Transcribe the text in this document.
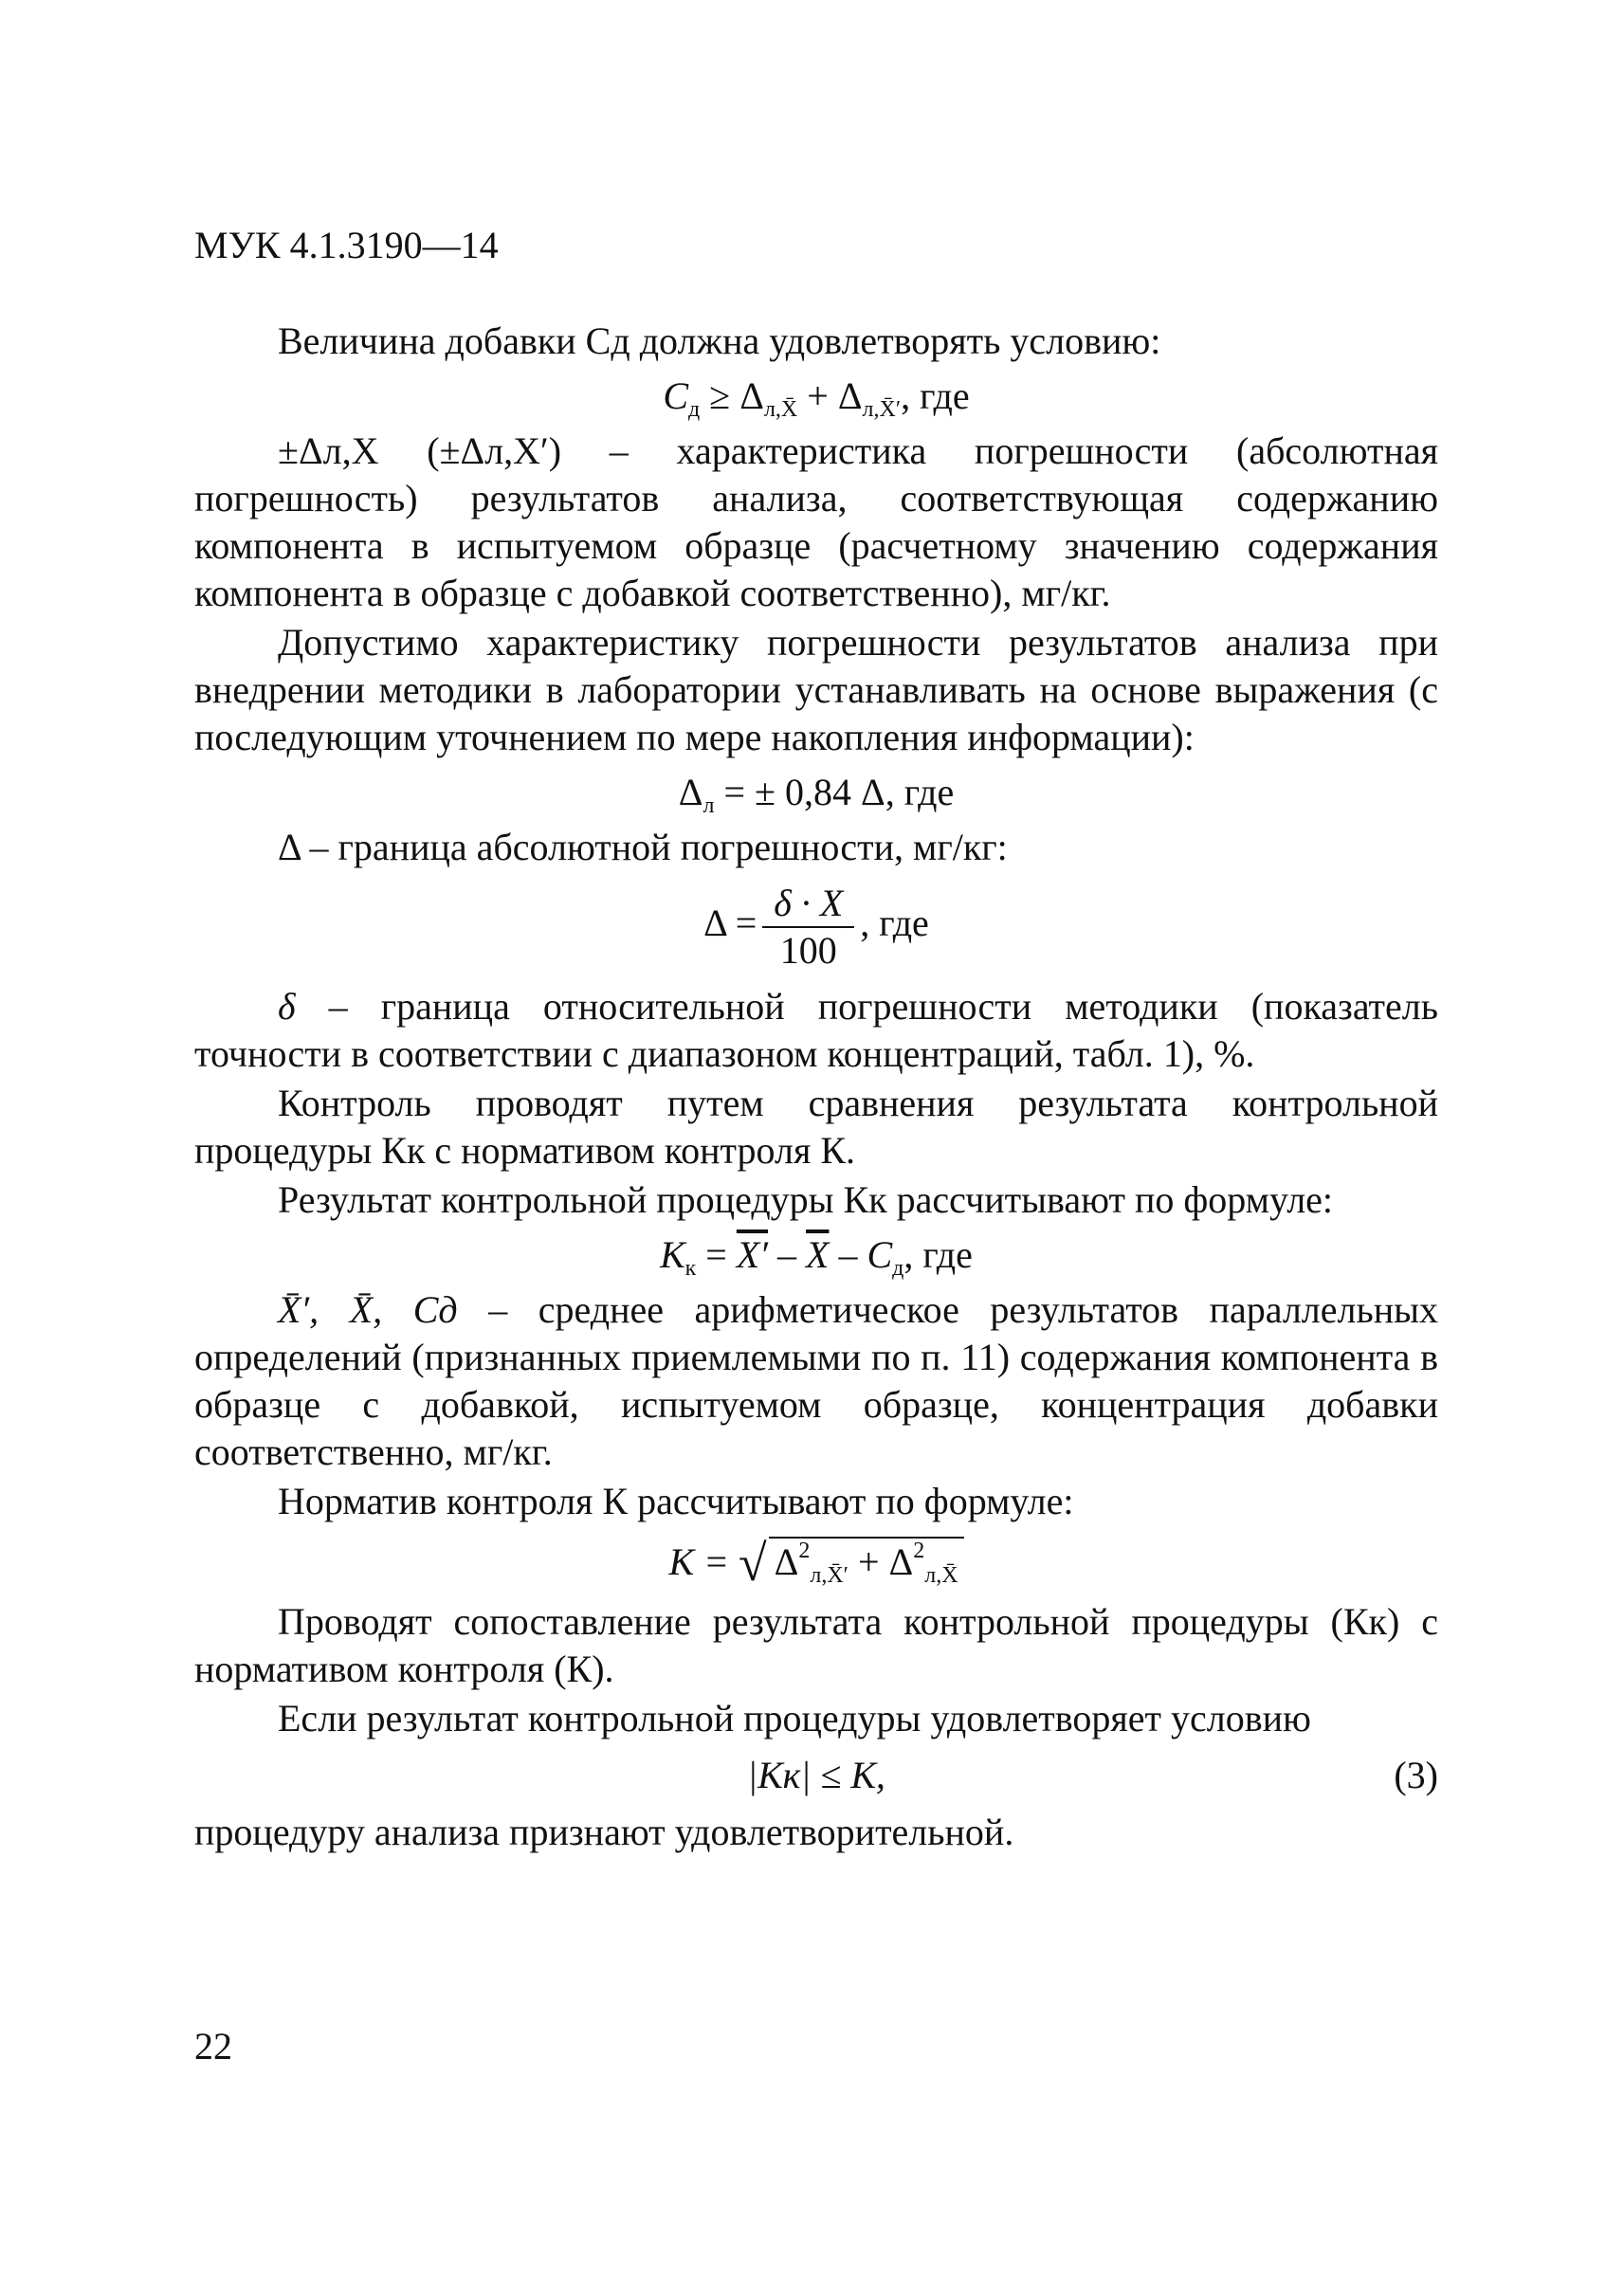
МУК 4.1.3190—14

Величина добавки Сд должна удовлетворять условию:

$C_д \ge \Delta_{л,X̄} + \Delta_{л,X̄'}$, где

±Δл,X (±Δл,X′) – характеристика погрешности (абсолютная погрешность) результатов анализа, соответствующая содержанию компонента в испытуемом образце (расчетному значению содержания компонента в образце с добавкой соответственно), мг/кг.

Допустимо характеристику погрешности результатов анализа при внедрении методики в лаборатории устанавливать на основе выражения (с последующим уточнением по мере накопления информации):

$\Delta_л$ = ± 0,84 Δ, где

Δ – граница абсолютной погрешности, мг/кг:

$\Delta = \frac{\delta \cdot X}{100}$ , где

δ – граница относительной погрешности методики (показатель точности в соответствии с диапазоном концентраций, табл. 1), %.

Контроль проводят путем сравнения результата контрольной процедуры Кк с нормативом контроля К.

Результат контрольной процедуры Кк рассчитывают по формуле:

$К_к = X' - \overline{X} - С_д$, где

X̄′, X̄, Сд – среднее арифметическое результатов параллельных определений (признанных приемлемыми по п. 11) содержания компонента в образце с добавкой, испытуемом образце, концентрация добавки соответственно, мг/кг.

Норматив контроля К рассчитывают по формуле:

К = √ $\Delta^2_{л,X̄'} + \Delta^2_{л,X̄}$

Проводят сопоставление результата контрольной процедуры (Кк) с нормативом контроля (К).

Если результат контрольной процедуры удовлетворяет условию

|Кк| ≤ К,	(3)

процедуру анализа признают удовлетворительной.

22
